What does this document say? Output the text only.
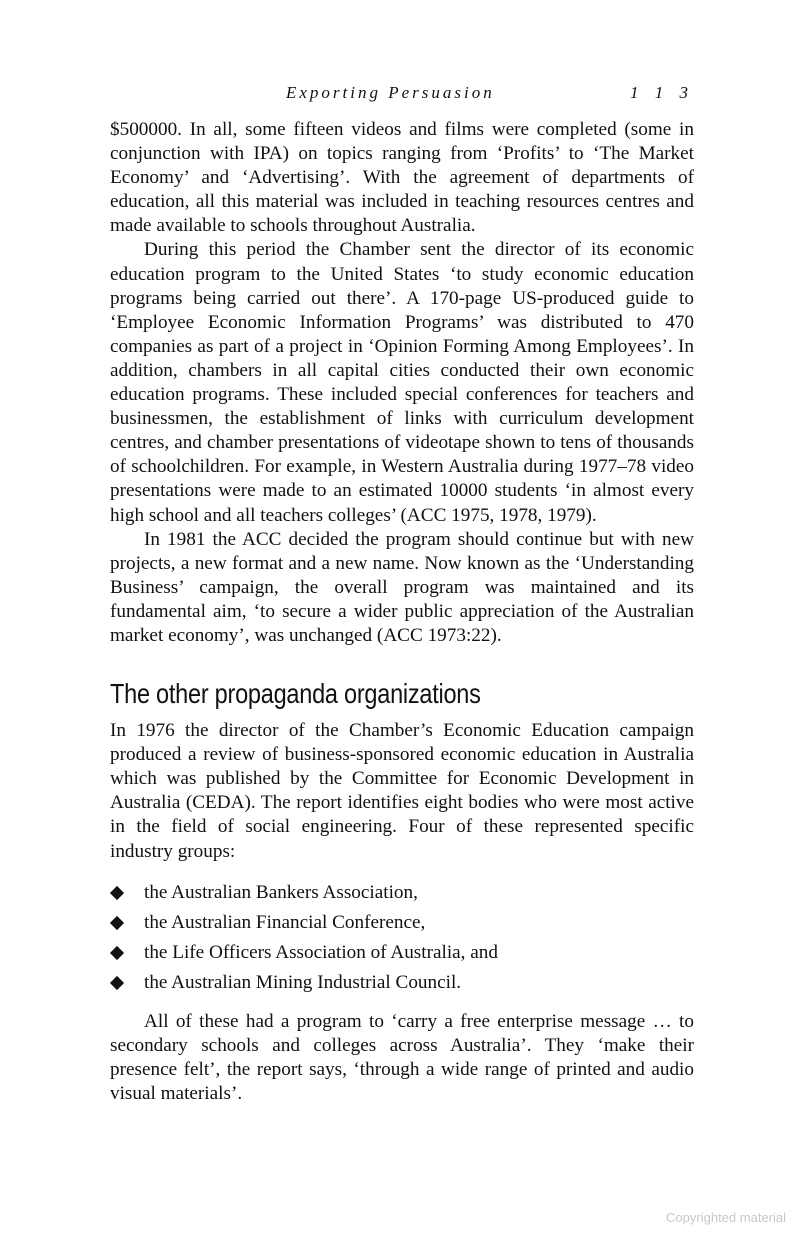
Exporting Persuasion	1 1 3

$500000. In all, some fifteen videos and films were completed (some in conjunction with IPA) on topics ranging from ‘Profits’ to ‘The Market Economy’ and ‘Advertising’. With the agreement of departments of education, all this material was included in teaching resources centres and made available to schools throughout Australia.

During this period the Chamber sent the director of its economic education program to the United States ‘to study economic education programs being carried out there’. A 170-page US-produced guide to ‘Employee Economic Information Programs’ was distributed to 470 companies as part of a project in ‘Opinion Forming Among Employees’. In addition, chambers in all capital cities conducted their own economic education programs. These included special conferences for teachers and businessmen, the establishment of links with curriculum development centres, and chamber presentations of videotape shown to tens of thousands of schoolchildren. For example, in Western Australia during 1977–78 video presentations were made to an estimated 10000 students ‘in almost every high school and all teachers colleges’ (ACC 1975, 1978, 1979).

In 1981 the ACC decided the program should continue but with new projects, a new format and a new name. Now known as the ‘Understanding Business’ campaign, the overall program was maintained and its fundamental aim, ‘to secure a wider public appreciation of the Australian market economy’, was unchanged (ACC 1973:22).

The other propaganda organizations

In 1976 the director of the Chamber’s Economic Education campaign produced a review of business-sponsored economic education in Australia which was published by the Committee for Economic Development in Australia (CEDA). The report identifies eight bodies who were most active in the field of social engineering. Four of these represented specific industry groups:

the Australian Bankers Association,
the Australian Financial Conference,
the Life Officers Association of Australia, and
the Australian Mining Industrial Council.

All of these had a program to ‘carry a free enterprise message … to secondary schools and colleges across Australia’. They ‘make their presence felt’, the report says, ‘through a wide range of printed and audio visual materials’.

Copyrighted material
